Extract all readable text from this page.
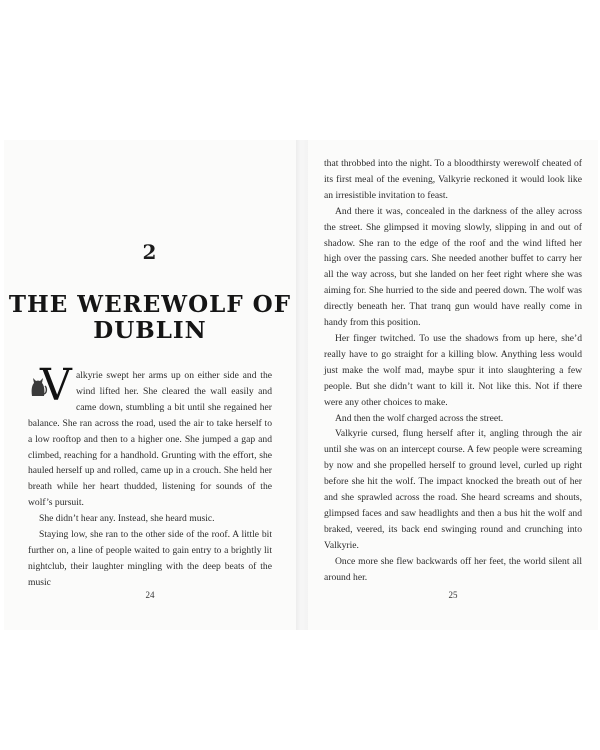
2
THE WEREWOLF OF
DUBLIN

V alkyrie swept her arms up on either side and the wind lifted her. She cleared the wall easily and came down, stumbling a bit until she regained her balance. She ran across the road, used the air to take herself to a low rooftop and then to a higher one. She jumped a gap and climbed, reaching for a handhold. Grunting with the effort, she hauled herself up and rolled, came up in a crouch. She held her breath while her heart thudded, listening for sounds of the wolf’s pursuit.

She didn’t hear any. Instead, she heard music.

Staying low, she ran to the other side of the roof. A little bit further on, a line of people waited to gain entry to a brightly lit nightclub, their laughter mingling with the deep beats of the music

24

that throbbed into the night. To a bloodthirsty werewolf cheated of its first meal of the evening, Valkyrie reckoned it would look like an irresistible invitation to feast.

And there it was, concealed in the darkness of the alley across the street. She glimpsed it moving slowly, slipping in and out of shadow. She ran to the edge of the roof and the wind lifted her high over the passing cars. She needed another buffet to carry her all the way across, but she landed on her feet right where she was aiming for. She hurried to the side and peered down. The wolf was directly beneath her. That tranq gun would have really come in handy from this position.

Her finger twitched. To use the shadows from up here, she’d really have to go straight for a killing blow. Anything less would just make the wolf mad, maybe spur it into slaughtering a few people. But she didn’t want to kill it. Not like this. Not if there were any other choices to make.

And then the wolf charged across the street.

Valkyrie cursed, flung herself after it, angling through the air until she was on an intercept course. A few people were screaming by now and she propelled herself to ground level, curled up right before she hit the wolf. The impact knocked the breath out of her and she sprawled across the road. She heard screams and shouts, glimpsed faces and saw headlights and then a bus hit the wolf and braked, veered, its back end swinging round and crunching into Valkyrie.

Once more she flew backwards off her feet, the world silent all around her.

25
